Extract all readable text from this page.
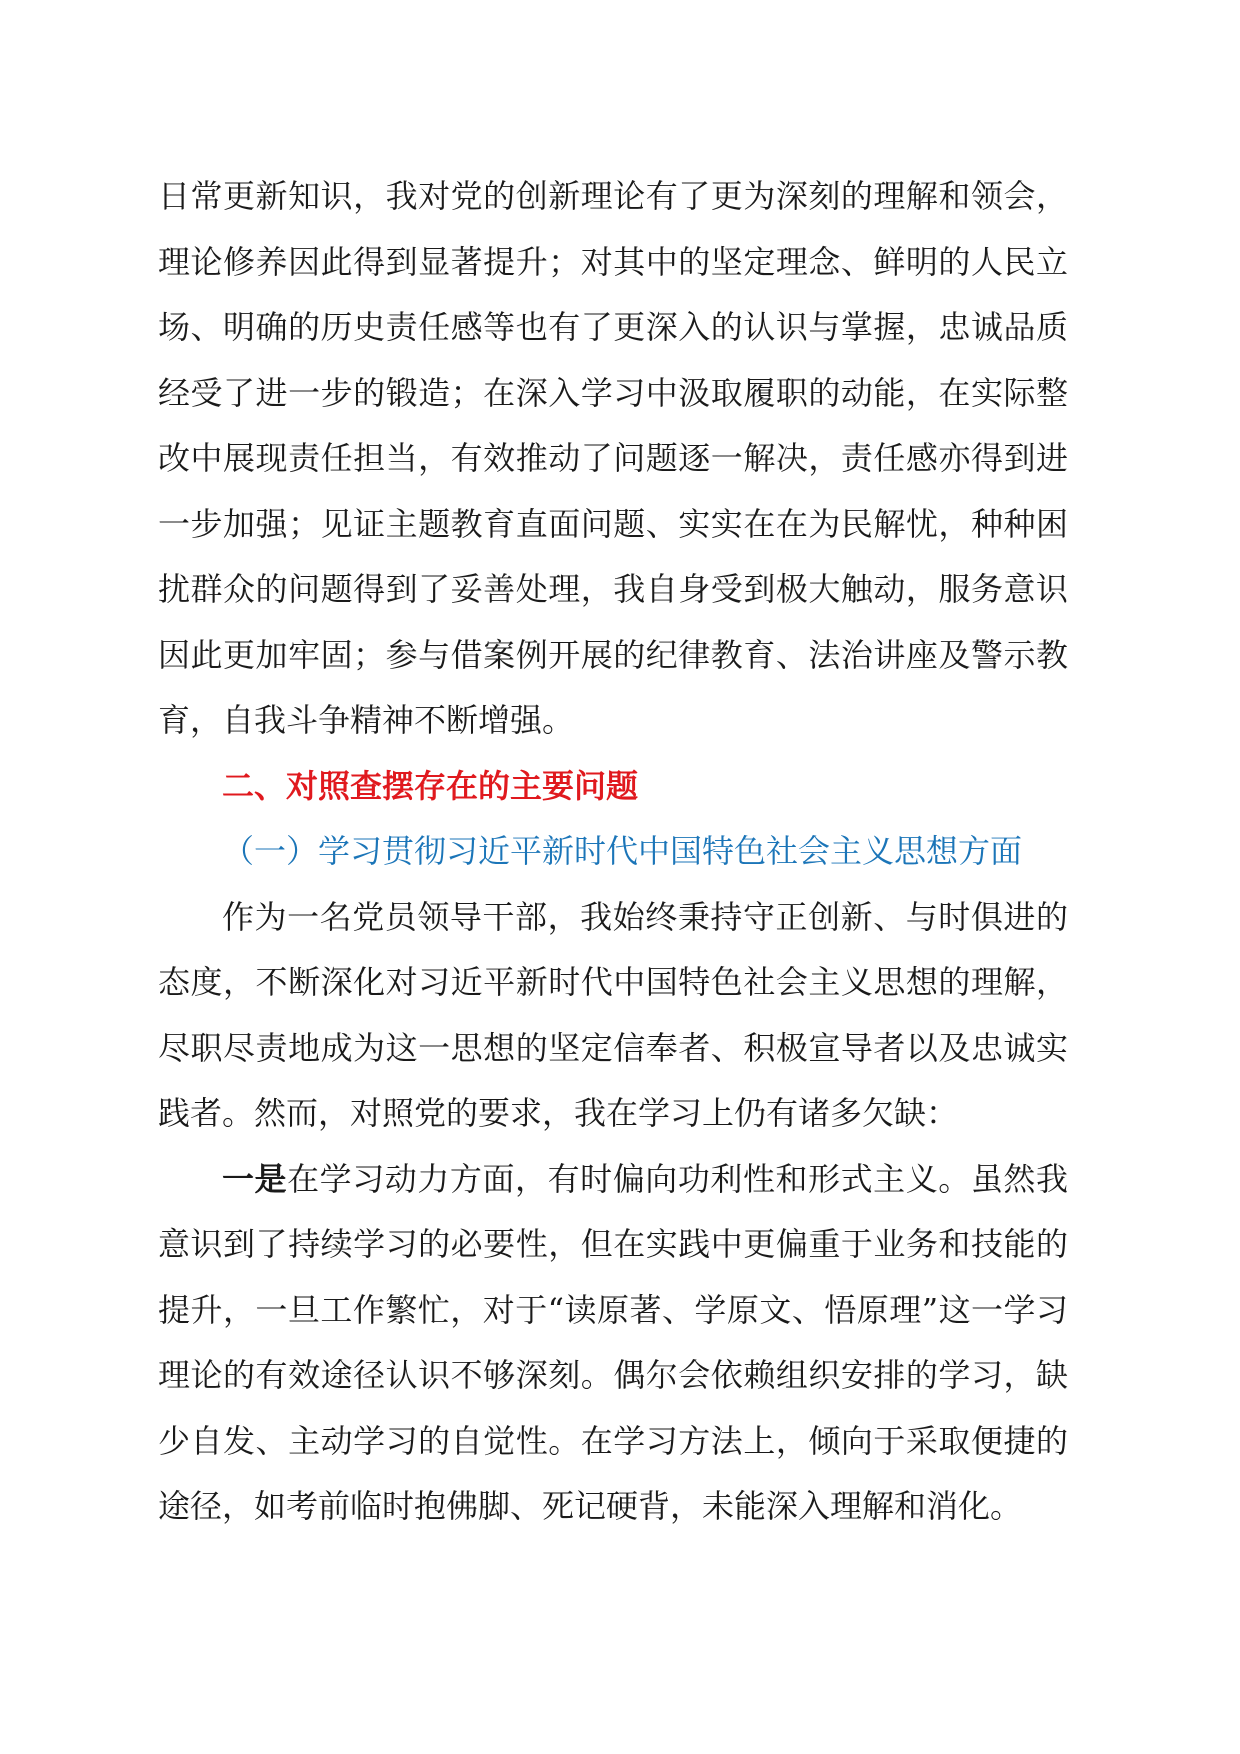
日常更新知识，我对党的创新理论有了更为深刻的理解和领会，理论修养因此得到显著提升；对其中的坚定理念、鲜明的人民立场、明确的历史责任感等也有了更深入的认识与掌握，忠诚品质经受了进一步的锻造；在深入学习中汲取履职的动能，在实际整改中展现责任担当，有效推动了问题逐一解决，责任感亦得到进一步加强；见证主题教育直面问题、实实在在为民解忧，种种困扰群众的问题得到了妥善处理，我自身受到极大触动，服务意识因此更加牢固；参与借案例开展的纪律教育、法治讲座及警示教育，自我斗争精神不断增强。

二、对照查摆存在的主要问题

（一）学习贯彻习近平新时代中国特色社会主义思想方面

作为一名党员领导干部，我始终秉持守正创新、与时俱进的态度，不断深化对习近平新时代中国特色社会主义思想的理解，尽职尽责地成为这一思想的坚定信奉者、积极宣导者以及忠诚实践者。然而，对照党的要求，我在学习上仍有诸多欠缺：

一是在学习动力方面，有时偏向功利性和形式主义。虽然我意识到了持续学习的必要性，但在实践中更偏重于业务和技能的提升，一旦工作繁忙，对于“读原著、学原文、悟原理”这一学习理论的有效途径认识不够深刻。偶尔会依赖组织安排的学习，缺少自发、主动学习的自觉性。在学习方法上，倾向于采取便捷的途径，如考前临时抱佛脚、死记硬背，未能深入理解和消化。
